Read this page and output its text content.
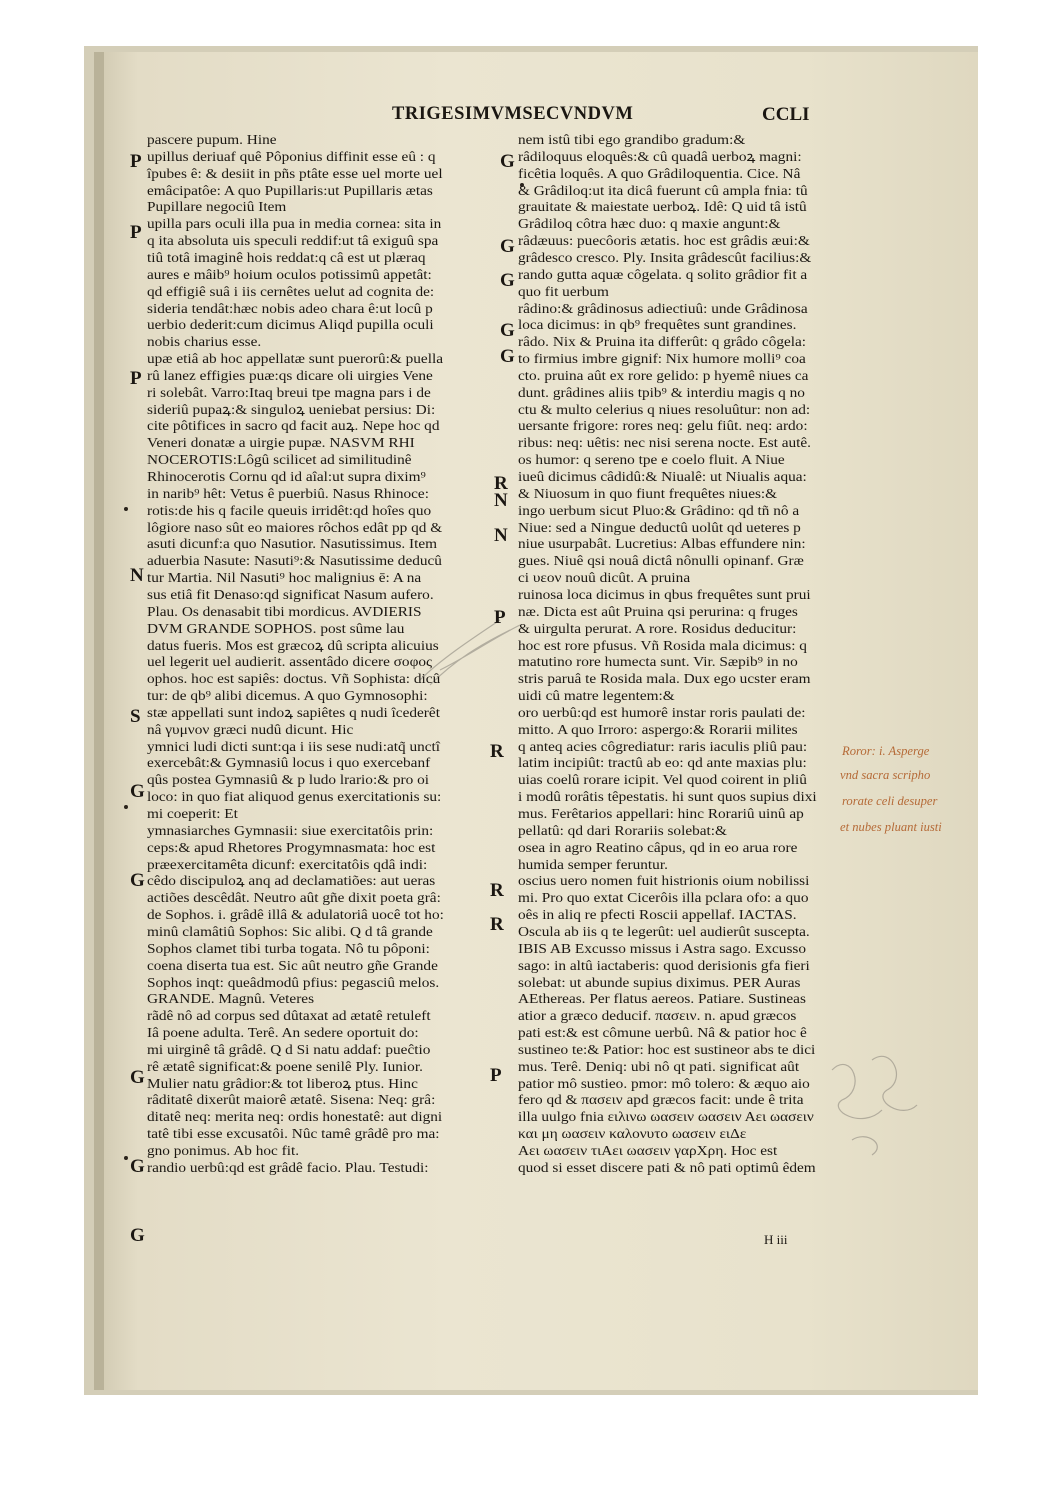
TRIGESIMVMSECVNDVM	CCLI
P
P
P
N
S
G
G
G
G
G
G
G
G
G
G
R
N
N
P
R
R
R
P
pascere pupum. Hine
upillus deriuaf quê Pôponius diffinit esse eû : q
îpubes ê: & desiit in pñs ptâte esse uel morte uel
emâcipatôe: A quo Pupillaris:ut Pupillaris ætas
Pupillare negociû Item
upilla pars oculi illa pua in media cornea: sita in
q ita absoluta uis speculi reddif:ut tâ exiguû spa
tiû totâ imaginê hois reddat:q câ est ut plæraq
aures e mâib⁹ hoium oculos potissimû appetât:
qd effigiê suâ i iis cernêtes uelut ad cognita de:
sideria tendât:hæc nobis adeo chara ê:ut locû p
uerbio dederit:cum dicimus Aliqd pupilla oculi
nobis charius esse.
upæ etiâ ab hoc appellatæ sunt puerorû:& puella
rû lanez effigies puæ:qs dicare oli uirgies Vene
ri solebât. Varro:Itaq breui tpe magna pars i de
sideriû pupaꝝ:& singuloꝝ ueniebat persius: Di:
cite pôtifices in sacro qd facit auꝝ. Nepe hoc qd
Veneri donatæ a uirgie pupæ. NASVM RHI
NOCEROTIS:Lôgû scilicet ad similitudinê
Rhinocerotis Cornu qd id aîal:ut supra dixim⁹
in narib⁹ hêt: Vetus ê puerbiû. Nasus Rhinoce:
rotis:de his q facile queuis irridêt:qd hoîes quo
lôgiore naso sût eo maiores rôchos edât pp qd &
asuti dicunf:a quo Nasutior. Nasutissimus. Item
aduerbia Nasute: Nasuti⁹:& Nasutissime deducû
tur Martia. Nil Nasuti⁹ hoc malignius ē: A na
sus etiâ fit Denaso:qd significat Nasum aufero.
Plau. Os denasabit tibi mordicus. AVDIERIS
DVM GRANDE SOPHOS. post sûme lau
datus fueris. Mos est græcoꝝ dû scripta alicuius
uel legerit uel audierit. assentâdo dicere σοφος
ophos. hoc est sapiês: doctus. Vñ Sophista: dicû
tur: de qb⁹ alibi dicemus. A quo Gymnosophi:
stæ appellati sunt indoꝝ sapiêtes q nudi îcederêt
nâ γυμνον græci nudû dicunt. Hic
ymnici ludi dicti sunt:qa i iis sese nudi:atq̃ unctî
exercebât:& Gymnasiû locus i quo exercebanf
qûs postea Gymnasiû & p ludo lrario:& pro oi
loco: in quo fiat aliquod genus exercitationis su:
mi coeperit: Et
ymnasiarches Gymnasii: siue exercitatôis prin:
ceps:& apud Rhetores Progymnasmata: hoc est
præexercitamêta dicunf: exercitatôis qdâ indi:
cêdo discipuloꝝ anq ad declamatiões: aut ueras
actiões descêdât. Neutro aût gñe dixit poeta grâ:
de Sophos. i. grâdê illâ & adulatoriâ uocê tot ho:
minû clamâtiû Sophos: Sic alibi. Q d tâ grande
Sophos clamet tibi turba togata. Nô tu pôponi:
coena diserta tua est. Sic aût neutro gñe Grande
Sophos inqt: queâdmodû pfius: pegasciû melos.
GRANDE. Magnû. Veteres
rãdê nô ad corpus sed dûtaxat ad ætatê retuleft
Iâ poene adulta. Terê. An sedere oportuit do:
mi uirginê tâ grâdê. Q d Si natu addaf: pueĉtio
rê ætatê significat:& poene senilê Ply. Iunior.
Mulier natu grâdior:& tot liberoꝝ ptus. Hinc
râditatê dixerût maiorê ætatê. Sisena: Neq: grâ:
ditatê neq: merita neq: ordis honestatê: aut digni
tatê tibi esse excusatôi. Nûc tamê grâdê pro ma:
gno ponimus. Ab hoc fit.
randio uerbû:qd est grâdê facio. Plau. Testudi:
nem istû tibi ego grandibo gradum:&
râdiloquus eloquês:& cû quadâ uerboꝝ magni:
ficêtia loquês. A quo Grâdiloquentia. Cice. Nâ
& Grâdiloq:ut ita dicâ fuerunt cû ampla fnia: tû
grauitate & maiestate uerboꝝ. Idê: Q uid tâ istû
Grâdiloq côtra hæc duo: q maxie angunt:&
râdæuus: puecôoris ætatis. hoc est grâdis æui:&
grâdesco cresco. Ply. Insita grâdescût facilius:&
rando gutta aquæ côgelata. q solito grâdior fit a
quo fit uerbum
râdino:& grâdinosus adiectiuû: unde Grâdinosa
loca dicimus: in qb⁹ frequêtes sunt grandines.
râdo. Nix & Pruina ita differût: q grâdo côgela:
to firmius imbre gignif: Nix humore molli⁹ coa
cto. pruina aût ex rore gelido: p hyemê niues ca
dunt. grâdines aliis tpib⁹ & interdiu magis q no
ctu & multo celerius q niues resoluûtur: non ad:
uersante frigore: rores neq: gelu fiût. neq: ardo:
ribus: neq: uêtis: nec nisi serena nocte. Est autê.
os humor: q sereno tpe e coelo fluit. A Niue
iueû dicimus câdidû:& Niualê: ut Niualis aqua:
& Niuosum in quo fiunt frequêtes niues:&
ingo uerbum sicut Pluo:& Grâdino: qd tñ nô a
Niue: sed a Ningue deductû uolût qd ueteres p
niue usurpabât. Lucretius: Albas effundere nin:
gues. Niuê qsi nouâ dictâ nônulli opinanf. Græ
ci υεον nouû dicût. A pruina
ruinosa loca dicimus in qbus frequêtes sunt prui
næ. Dicta est aût Pruina qsi perurina: q fruges
& uirgulta perurat. A rore. Rosidus deducitur:
hoc est rore pfusus. Vñ Rosida mala dicimus: q
matutino rore humecta sunt. Vir. Sæpib⁹ in no
stris paruâ te Rosida mala. Dux ego ucster eram
uidi cû matre legentem:&
oro uerbû:qd est humorê instar roris paulati de:
mitto. A quo Irroro: aspergo:& Rorarii milites
q anteq acies côgrediatur: raris iaculis pliû pau:
latim incipiût: tractû ab eo: qd ante maxias plu:
uias coelû rorare icipit. Vel quod coirent in pliû
i modû rorâtis têpestatis. hi sunt quos supius dixi
mus. Ferêtarios appellari: hinc Rorariû uinû ap
pellatû: qd dari Rorariis solebat:&
osea in agro Reatino câpus, qd in eo arua rore
humida semper feruntur.
oscius uero nomen fuit histrionis oium nobilissi
mi. Pro quo extat Cicerôis illa pclara ofo: a quo
oês in aliq re pfecti Roscii appellaf. IACTAS.
Oscula ab iis q te legerût: uel audierût suscepta.
IBIS AB Excusso missus i Astra sago. Excusso
sago: in altû iactaberis: quod derisionis gfa fieri
solebat: ut abunde supius diximus. PER Auras
AEthereas. Per flatus aereos. Patiare. Sustineas
atior a græco deducif. πασειν. n. apud græcos
pati est:& est cômune uerbû. Nâ & patior hoc ê
sustineo te:& Patior: hoc est sustineor abs te dici
mus. Terê. Deniq: ubi nô qt pati. significat aût
patior mô sustieo. pmor: mô tolero: & æquo aio
fero qd & πασειν apd græcos facit: unde ê trita
illa uulgo fnia ειλινω ωασειν ωασειν Αει ωασειν
και μη ωασειν καλονυτο ωασειν ειΔε
Αει ωασειν τιΑει ωασειν γαρΧρη. Hoc est
quod si esset discere pati & nô pati optimû êdem
Roror: i. Asperge
vnd sacra scripho
rorate celi desuper
et nubes pluant iusti
H iii
